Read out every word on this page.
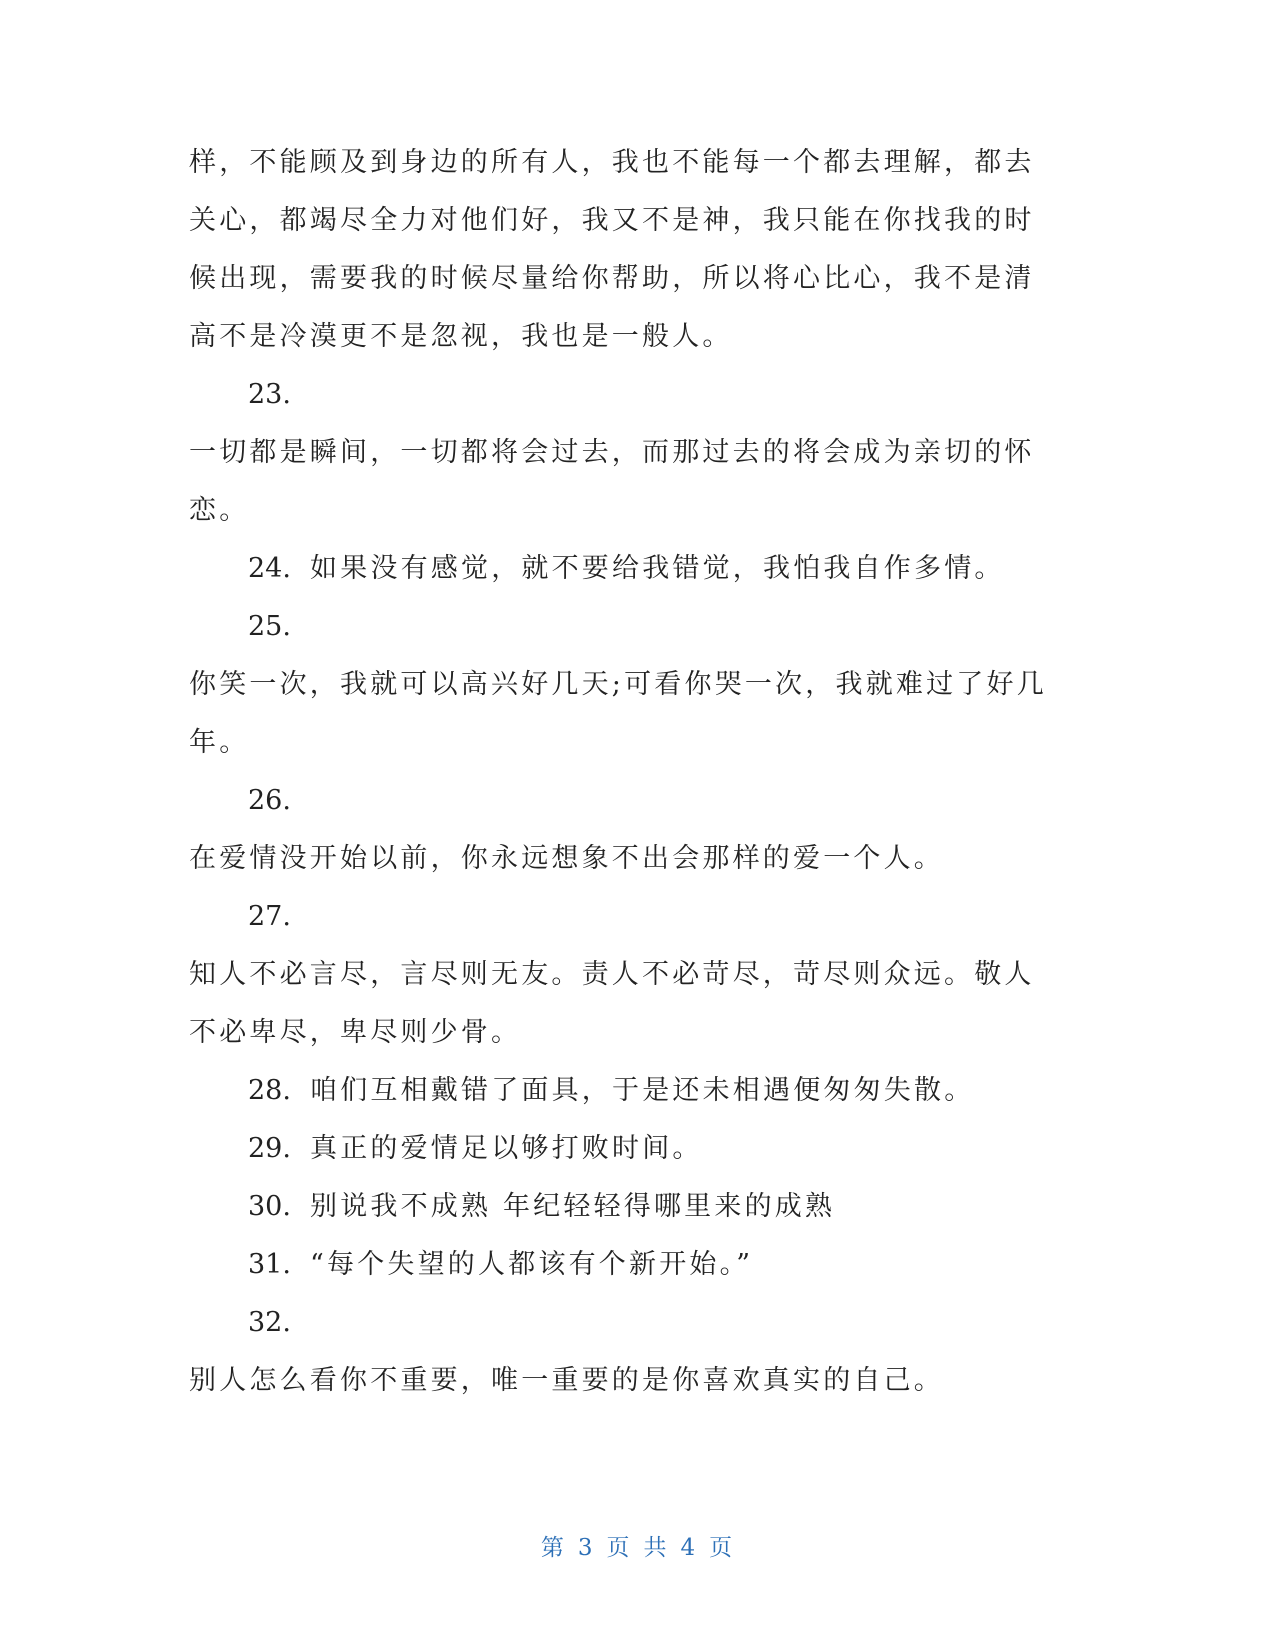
样，不能顾及到身边的所有人，我也不能每一个都去理解，都去
关心，都竭尽全力对他们好，我又不是神，我只能在你找我的时
候出现，需要我的时候尽量给你帮助，所以将心比心，我不是清
高不是冷漠更不是忽视，我也是一般人。
23.
一切都是瞬间，一切都将会过去，而那过去的将会成为亲切的怀
恋。
24. 如果没有感觉，就不要给我错觉，我怕我自作多情。
25.
你笑一次，我就可以高兴好几天;可看你哭一次，我就难过了好几
年。
26.
在爱情没开始以前，你永远想象不出会那样的爱一个人。
27.
知人不必言尽，言尽则无友。责人不必苛尽，苛尽则众远。敬人
不必卑尽，卑尽则少骨。
28. 咱们互相戴错了面具，于是还未相遇便匆匆失散。
29. 真正的爱情足以够打败时间。
30. 别说我不成熟 年纪轻轻得哪里来的成熟
31. “每个失望的人都该有个新开始。”
32.
别人怎么看你不重要，唯一重要的是你喜欢真实的自己。
第 3 页 共 4 页
